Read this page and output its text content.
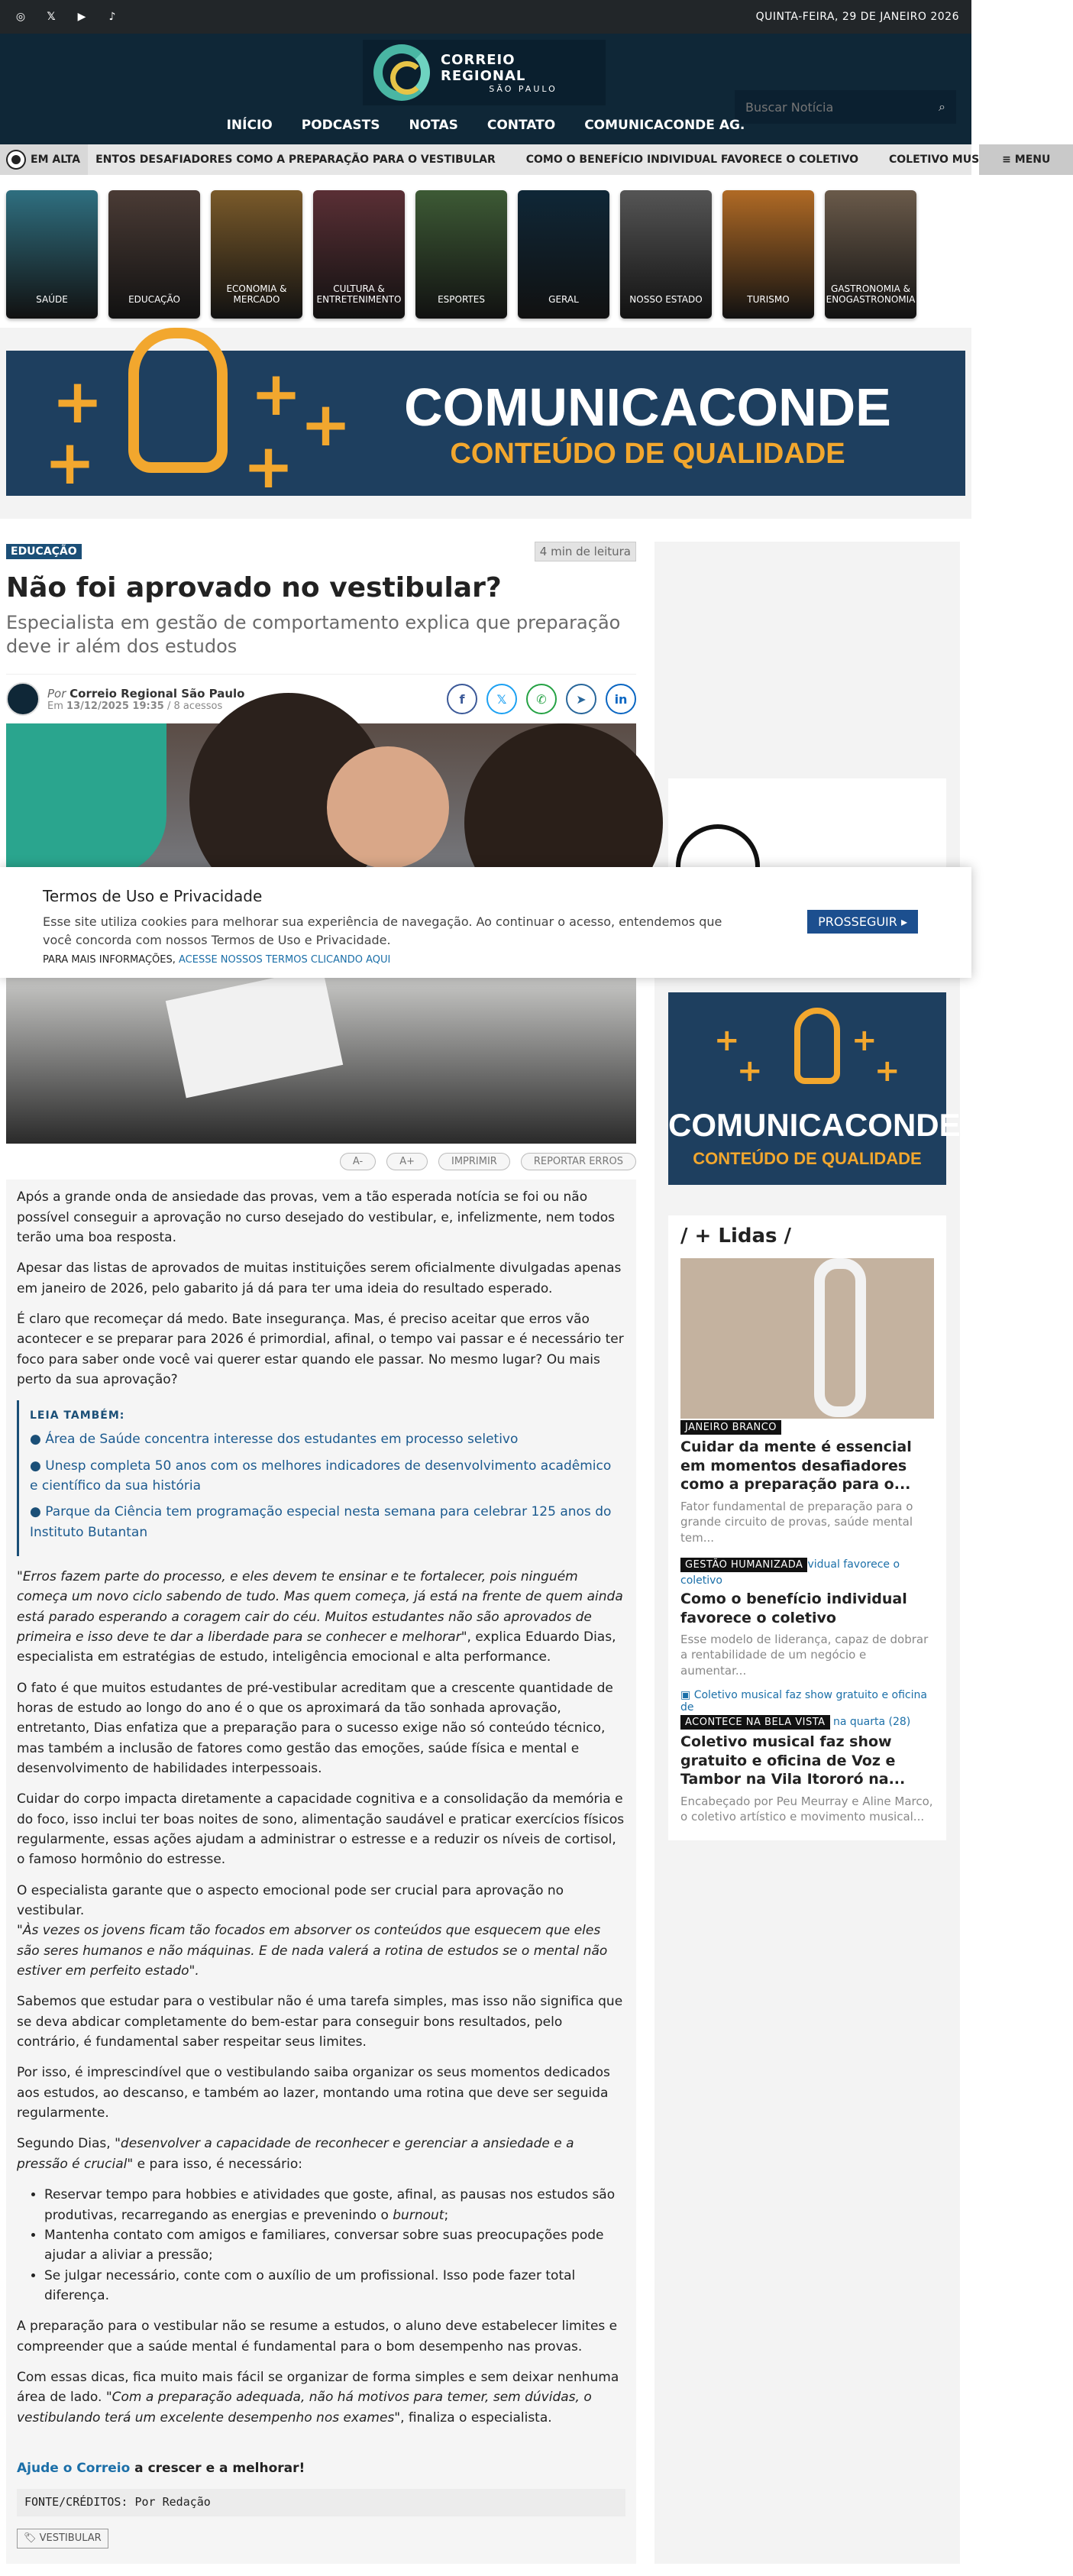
◎	𝕏	▶	♪	QUINTA-FEIRA, 29 DE JANEIRO 2026
CORREIO REGIONAL
SÃO PAULO
Buscar Notícia
⌕
INÍCIO PODCASTS NOTAS CONTATO COMUNICACONDE AG.
EM ALTA ENTOS DESAFIADORES COMO A PREPARAÇÃO PARA O VESTIBULAR	COMO O BENEFÍCIO INDIVIDUAL FAVORECE O COLETIVO	COLETIVO MUS	≡ MENU
SAÚDE	EDUCAÇÃO
ECONOMIA & MERCADO
CULTURA & ENTRETENIMENTO	ESPORTES	GERAL	NOSSO ESTADO	TURISMO
GASTRONOMIA & ENOGASTRONOMIA
+
+
+
+
+
COMUNICACONDE
CONTEÚDO DE QUALIDADE
EDUCAÇÃO	4 min de leitura
Não foi aprovado no vestibular?
Especialista em gestão de comportamento explica que preparação deve ir além dos estudos
Por Correio Regional São Paulo
Em 13/12/2025 19:35 / 8 acessos	f	𝕏	✆	➤	in
A-	A+	IMPRIMIR	REPORTAR ERROS

Após a grande onda de ansiedade das provas, vem a tão esperada notícia se foi ou não possível conseguir a aprovação no curso desejado do vestibular, e, infelizmente, nem todos terão uma boa resposta.

Apesar das listas de aprovados de muitas instituições serem oficialmente divulgadas apenas em janeiro de 2026, pelo gabarito já dá para ter uma ideia do resultado esperado.

É claro que recomeçar dá medo. Bate insegurança. Mas, é preciso aceitar que erros vão acontecer e se preparar para 2026 é primordial, afinal, o tempo vai passar e é necessário ter foco para saber onde você vai querer estar quando ele passar. No mesmo lugar? Ou mais perto da sua aprovação?

LEIA TAMBÉM:
● Área de Saúde concentra interesse dos estudantes em processo seletivo
● Unesp completa 50 anos com os melhores indicadores de desenvolvimento acadêmico e científico da sua história
● Parque da Ciência tem programação especial nesta semana para celebrar 125 anos do Instituto Butantan

"Erros fazem parte do processo, e eles devem te ensinar e te fortalecer, pois ninguém começa um novo ciclo sabendo de tudo. Mas quem começa, já está na frente de quem ainda está parado esperando a coragem cair do céu. Muitos estudantes não são aprovados de primeira e isso deve te dar a liberdade para se conhecer e melhorar", explica Eduardo Dias, especialista em estratégias de estudo, inteligência emocional e alta performance.

O fato é que muitos estudantes de pré-vestibular acreditam que a crescente quantidade de horas de estudo ao longo do ano é o que os aproximará da tão sonhada aprovação, entretanto, Dias enfatiza que a preparação para o sucesso exige não só conteúdo técnico, mas também a inclusão de fatores como gestão das emoções, saúde física e mental e desenvolvimento de habilidades interpessoais.

Cuidar do corpo impacta diretamente a capacidade cognitiva e a consolidação da memória e do foco, isso inclui ter boas noites de sono, alimentação saudável e praticar exercícios físicos regularmente, essas ações ajudam a administrar o estresse e a reduzir os níveis de cortisol, o famoso hormônio do estresse.

O especialista garante que o aspecto emocional pode ser crucial para aprovação no vestibular.
"Às vezes os jovens ficam tão focados em absorver os conteúdos que esquecem que eles são seres humanos e não máquinas. E de nada valerá a rotina de estudos se o mental não estiver em perfeito estado".

Sabemos que estudar para o vestibular não é uma tarefa simples, mas isso não significa que se deva abdicar completamente do bem-estar para conseguir bons resultados, pelo contrário, é fundamental saber respeitar seus limites.

Por isso, é imprescindível que o vestibulando saiba organizar os seus momentos dedicados aos estudos, ao descanso, e também ao lazer, montando uma rotina que deve ser seguida regularmente.

Segundo Dias, "desenvolver a capacidade de reconhecer e gerenciar a ansiedade e a pressão é crucial" e para isso, é necessário:

• Reservar tempo para hobbies e atividades que goste, afinal, as pausas nos estudos são produtivas, recarregando as energias e prevenindo o burnout;
• Mantenha contato com amigos e familiares, conversar sobre suas preocupações pode ajudar a aliviar a pressão;
• Se julgar necessário, conte com o auxílio de um profissional. Isso pode fazer total diferença.

A preparação para o vestibular não se resume a estudos, o aluno deve estabelecer limites e compreender que a saúde mental é fundamental para o bom desempenho nas provas.

Com essas dicas, fica muito mais fácil se organizar de forma simples e sem deixar nenhuma área de lado. "Com a preparação adequada, não há motivos para temer, sem dúvidas, o vestibulando terá um excelente desempenho nos exames", finaliza o especialista.

Ajude o Correio a crescer e a melhorar!

FONTE/CRÉDITOS: Por Redação
🏷 VESTIBULAR
+
+
+
+
COMUNICACONDE
CONTEÚDO DE QUALIDADE
/ + Lidas /
JANEIRO BRANCO
Cuidar da mente é essencial em momentos desafiadores como a preparação para o...
Fator fundamental de preparação para o grande circuito de provas, saúde mental tem...
GESTÃO HUMANIZADA vidual favorece o coletivo
Como o benefício individual favorece o coletivo
Esse modelo de liderança, capaz de dobrar a rentabilidade de um negócio e aumentar...
▣ Coletivo musical faz show gratuito e oficina de
ACONTECE NA BELA VISTA na quarta (28)
Coletivo musical faz show gratuito e oficina de Voz e Tambor na Vila Itororó na...
Encabeçado por Peu Meurray e Aline Marco, o coletivo artístico e movimento musical...
Termos de Uso e Privacidade
Esse site utiliza cookies para melhorar sua experiência de navegação. Ao continuar o acesso, entendemos que você concorda com nossos Termos de Uso e Privacidade.
PARA MAIS INFORMAÇÕES, ACESSE NOSSOS TERMOS CLICANDO AQUI
PROSSEGUIR ▸
